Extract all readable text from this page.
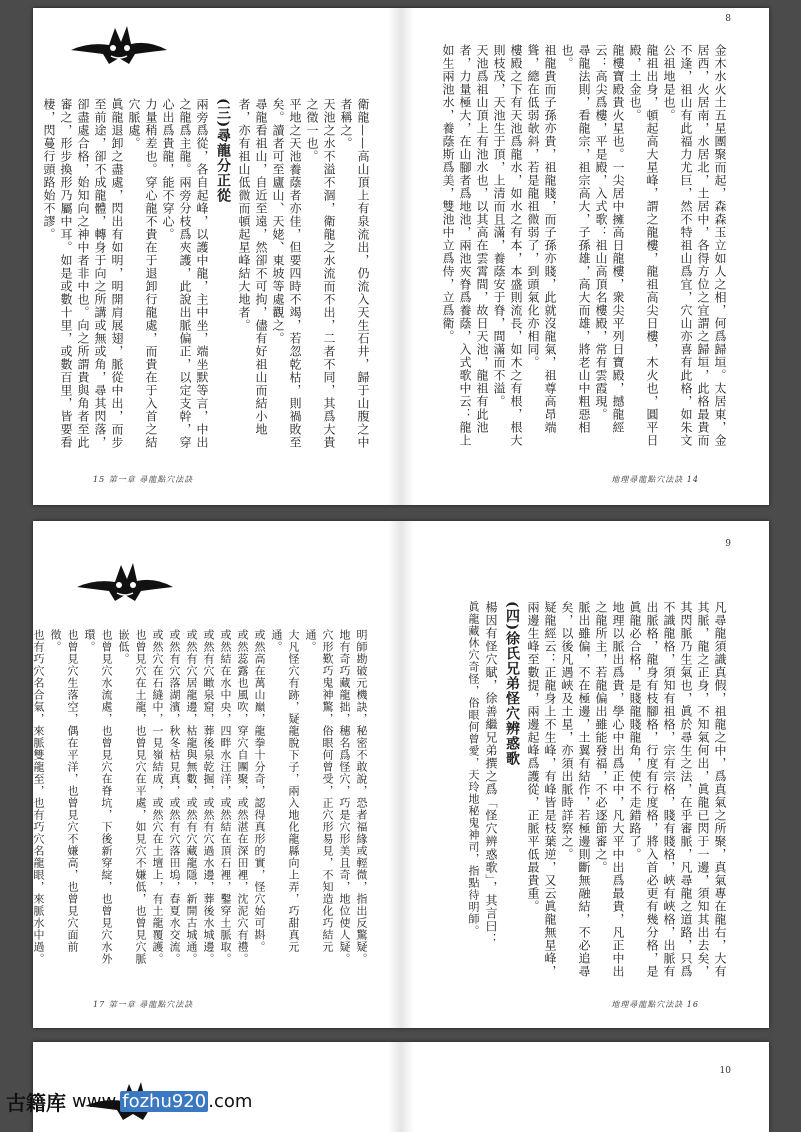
8

衛龍——高山頂上有泉流出，仍流入天生石井，歸于山腹之中者稱之。

天池之水不溢不涸，衛龍之水流而不出，二者不同，其爲大貴之徵一也。

平地之天池養蔭者亦佳，但要四時不竭，若忽乾枯，則禍敗至矣。讀者可至廬山、天姥、東坡等處觀之。

尋龍看祖山，自近至遠，然卻不可拘，儘有好祖山而結小地者，亦有祖山低微而頓起星峰結大地者。

(三)尋龍分正從

兩旁爲從，各自起峰，以護中龍，主中坐，端坐默等言，中出之龍爲主龍。兩旁分枝爲夾護，此說出脈偏正，以定支幹，穿心出爲貴龍，能不穿心。

力量稍差也。穿心龍不貴在于退卸行龍處，而貴在于入首之結穴脈處。

眞龍退卸之盡處，閃出有如明，明開肩展翅，脈從中出，而步至前途，卻不成龍體，轉身于向之所講或無或角，尋其閃落，卻盡處合格，始知向之神中者非中也。向之所謂貴與角者至此審之，形步換形乃屬中耳。如是或數十里，或數百里，皆要看棲，閃蔓行頭路始不謬。	金木水火土五星團聚而起，森森玉立如人之相，何爲歸垣。太居東，金居西，火居南，水居北，土居中，各得方位之宜謂之歸垣，此格最貴而不逢，祖山有此福力尤巨，然不特祖山爲宜，穴山亦喜有此格，如朱文公祖地是也。

龍祖出身，頓起高大星峰，謂之龍樓，龍祖高尖日樓，木火也，圓平日殿，土金也。

龍樓寶殿貴火星也。一尖居中擁高日龍樓，衆尖平列日寶殿，撼龍經云：高尖爲樓，平是殿，入式歌：祖山高頂名樓殿，常有雲霞現。

尋龍法則，看龍宗，祖宗高大，子孫雄，高大而雄，將老山中粗惡相也。

祖龍貴而子孫亦貴，祖龍賤，而子孫亦賤，此就沒龍氣，祖尊高昂端聳，總在低弱欹斜，若是龍祖微弱了，到頭氣化亦相同。

樓殿之下有天池爲龍水，如水之有本，本盛則流長，如木之有根，根大則枝茂，天池生于頂，上清而且滿，養蔭安于脊，間滿而不溢。

天池爲祖山頂上有池水也，以其高在雲霄間，故日天池，龍祖有此池者，力量極大，在山腳者爲地池，兩池夾脊爲養蔭，入式歌中云：龍上如生兩池水，養蔭斯爲美，雙池中立爲侍，立爲衛。

15 第一章 尋龍點穴法訣	地理尋龍點穴法訣 14
9

明師勘破元機訣，秘密不敢說，恐者福緣或輕微，指出反驚疑。

地有奇巧藏龍拙，穗名爲怪穴，巧是穴形美且奇，地位使人疑。

穴形歎巧鬼神驚，俗眼何曾受，正穴形易見，不知造化巧結元通。

大凡怪穴有跡，疑龍脫下子，兩入地化龍縣向上弄，巧甜真元通。

或然高在萬山巔，龍拳十分奇，認得真形的實，怪穴始可斟。

或然蕊露也風吹，穿穴自團聚，或然湛在深田裡，沈泥穴有禮。

或然結在水中央，四畔水汪洋，或然結在頂石裡，鑿穿土脈取。

或然有穴瞰泉窟，葬後泉乾掘，或然有穴過水邊，葬後水城邊。

或然有穴居龍邊，枯龍與無數，或然有穴藏龍隱，新開古城通。

或然有穴落湖濱，秋冬枯見真，或然有穴落田塢，春夏水交流。

或然穴在石縫中，一見嶺結成，或然穴在土壇上，有土龍覆護。

也曾見穴在土龍，也曾見穴在平處，如見穴不嫌低，也曾見穴脈嵌低。

也曾見穴水流處，也曾見穴在脊坑，下後新穿綻，也曾見穴水外環。

也曾見穴生落空，偶在平洋，也曾見穴不嫌高，也曾見穴面前徵。

也有巧穴名合氣，來脈雙龍至，也有巧穴名龍眼，來脈水中過。	凡尋龍須識真假，祖龍之中，爲真氣之所聚，真氣專在龍右，大有其脈，龍之正身，不知氣何出，眞龍已閃于一邊，須知其出去矣，其閃脈乃生氣也，眞於尋生之法，在乎審脈，凡尋龍之道路，只爲不識龍格，須知有祖格，宗有宗格，賤有賤格，峽有峽格，出脈有出脈格，龍身有枝腳格，行度有行度格，將入首必更有幾分格，是眞龍必合格，是賤龍賤龍角，使不走錯路了。

地理以脈出爲貴，學心中出爲正中，凡大平中出爲最貴，凡正中出之龍所主，若龍偏出雖能發福，不必逐節審之。

脈出雖偏，不在極邊，土翼有結作，若極邊則斷無融結，不必追尋矣，以後凡遇峽及土星，亦須出脈時詳察之。

疑龍經云：正龍身上不生峰，有峰皆是枝葉逆，又云眞龍無星峰，兩邊生峰至數提，兩邊起峰爲護從，正脈平低最貴重。

(四)徐氏兄弟怪穴辨惑歌

楊因有怪穴賦，徐善繼兄弟撰之爲「怪穴辨惑歌」，其言曰：

眞龍藏休穴奇怪，俗眼何曾愛，天玲地秘鬼神司，指點待明師。

17 第一章 尋龍點穴法訣	地理尋龍點穴法訣 16
10
古籍库 www. fozhu920 .com
